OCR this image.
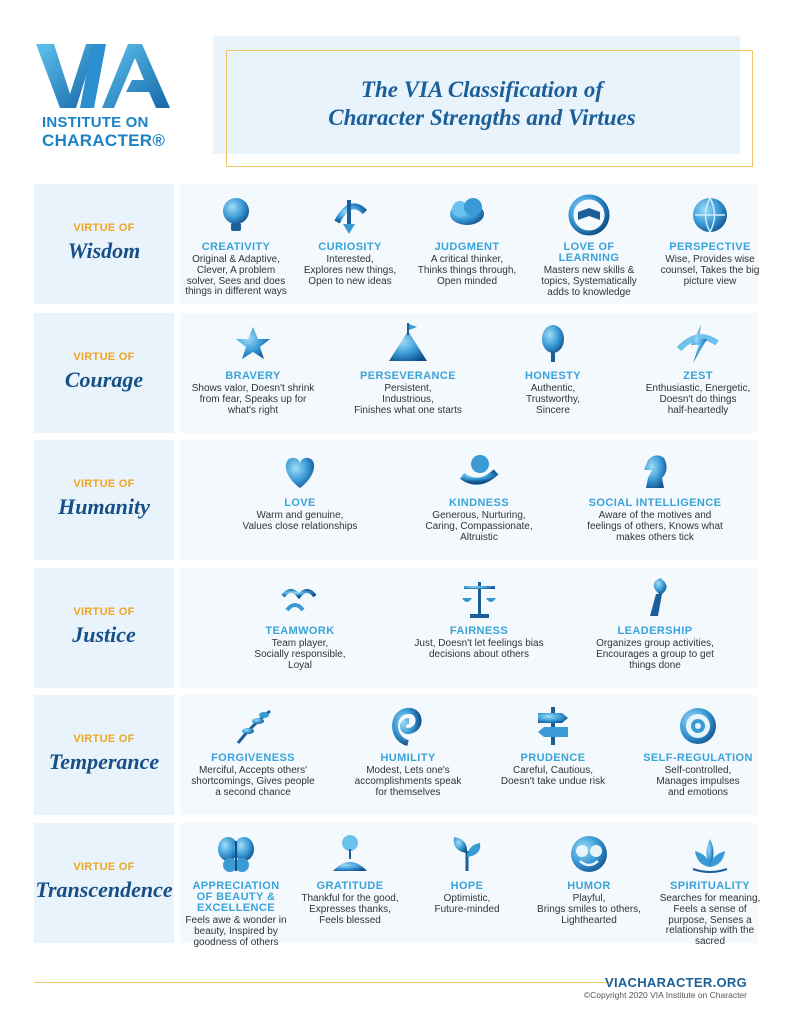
INSTITUTE ON
CHARACTER®
The VIA Classification of
Character Strengths and Virtues
VIRTUE OF
Wisdom	CREATIVITY
Original & Adaptive,
Clever, A problem
solver, Sees and does
things in different ways
CURIOSITY
Interested,
Explores new things,
Open to new ideas
JUDGMENT
A critical thinker,
Thinks things through,
Open minded
LOVE OF
LEARNING
Masters new skills &
topics, Systematically
adds to knowledge
PERSPECTIVE
Wise, Provides wise
counsel, Takes the big
picture view
VIRTUE OF
Courage	BRAVERY
Shows valor, Doesn't shrink
from fear, Speaks up for
what's right
PERSEVERANCE
Persistent,
Industrious,
Finishes what one starts
HONESTY
Authentic,
Trustworthy,
Sincere
ZEST
Enthusiastic, Energetic,
Doesn't do things
half-heartedly
VIRTUE OF
Humanity	LOVE
Warm and genuine,
Values close relationships
KINDNESS
Generous, Nurturing,
Caring, Compassionate,
Altruistic
SOCIAL INTELLIGENCE
Aware of the motives and
feelings of others, Knows what
makes others tick
VIRTUE OF
Justice	TEAMWORK
Team player,
Socially responsible,
Loyal
FAIRNESS
Just, Doesn't let feelings bias
decisions about others
LEADERSHIP
Organizes group activities,
Encourages a group to get
things done
VIRTUE OF
Temperance	FORGIVENESS
Merciful, Accepts others'
shortcomings, Gives people
a second chance
HUMILITY
Modest, Lets one's
accomplishments speak
for themselves
PRUDENCE
Careful, Cautious,
Doesn't take undue risk
SELF-REGULATION
Self-controlled,
Manages impulses
and emotions
VIRTUE OF
Transcendence	APPRECIATION
OF BEAUTY &
EXCELLENCE
Feels awe & wonder in
beauty, Inspired by
goodness of others
GRATITUDE
Thankful for the good,
Expresses thanks,
Feels blessed
HOPE
Optimistic,
Future-minded
HUMOR
Playful,
Brings smiles to others,
Lighthearted
SPIRITUALITY
Searches for meaning,
Feels a sense of
purpose, Senses a
relationship with the
sacred
VIACHARACTER.ORG
©Copyright 2020 VIA Institute on Character
